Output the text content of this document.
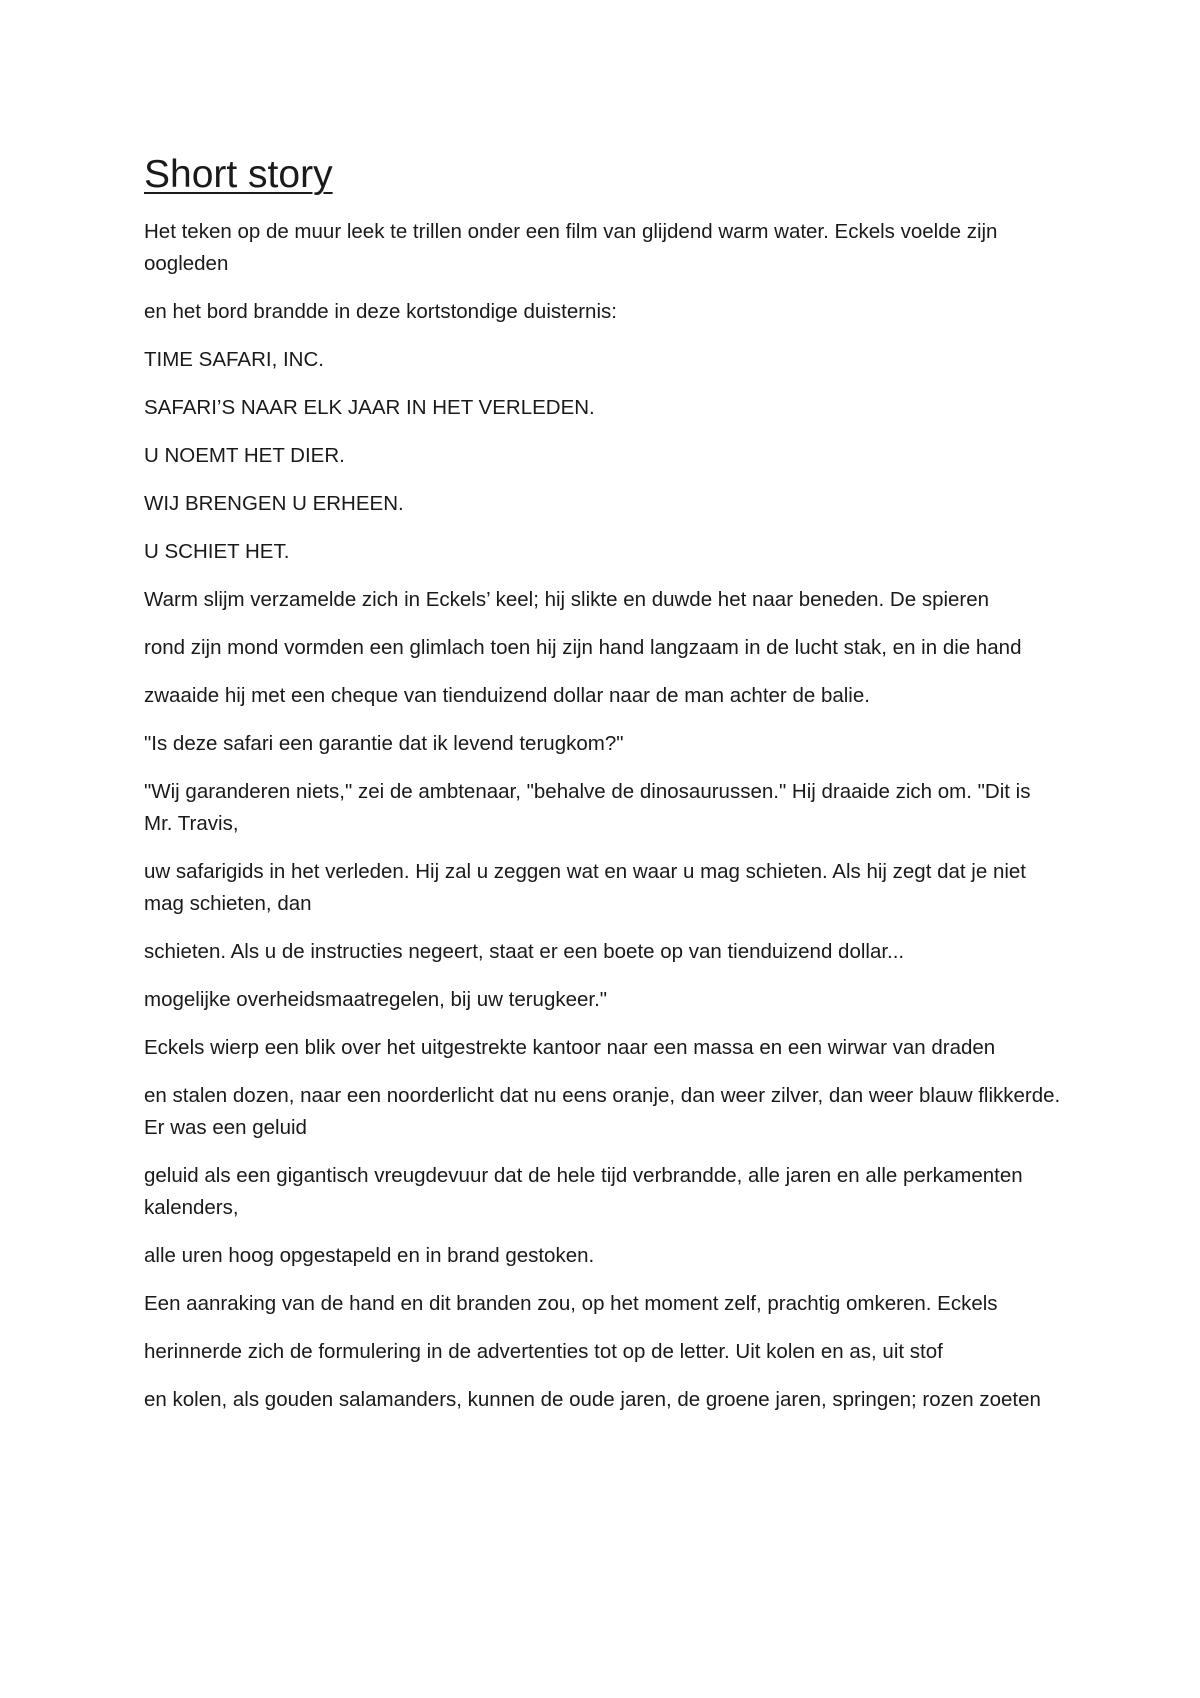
Short story

Het teken op de muur leek te trillen onder een film van glijdend warm water. Eckels voelde zijn oogleden

en het bord brandde in deze kortstondige duisternis:

TIME SAFARI, INC.

SAFARI’S NAAR ELK JAAR IN HET VERLEDEN.

U NOEMT HET DIER.

WIJ BRENGEN U ERHEEN.

U SCHIET HET.

Warm slijm verzamelde zich in Eckels’ keel; hij slikte en duwde het naar beneden. De spieren

rond zijn mond vormden een glimlach toen hij zijn hand langzaam in de lucht stak, en in die hand

zwaaide hij met een cheque van tienduizend dollar naar de man achter de balie.

"Is deze safari een garantie dat ik levend terugkom?"

"Wij garanderen niets," zei de ambtenaar, "behalve de dinosaurussen." Hij draaide zich om. "Dit is Mr. Travis,

uw safarigids in het verleden. Hij zal u zeggen wat en waar u mag schieten. Als hij zegt dat je niet mag schieten, dan

schieten. Als u de instructies negeert, staat er een boete op van tienduizend dollar...

mogelijke overheidsmaatregelen, bij uw terugkeer."

Eckels wierp een blik over het uitgestrekte kantoor naar een massa en een wirwar van draden

en stalen dozen, naar een noorderlicht dat nu eens oranje, dan weer zilver, dan weer blauw flikkerde. Er was een geluid

geluid als een gigantisch vreugdevuur dat de hele tijd verbrandde, alle jaren en alle perkamenten kalenders,

alle uren hoog opgestapeld en in brand gestoken.

Een aanraking van de hand en dit branden zou, op het moment zelf, prachtig omkeren. Eckels

herinnerde zich de formulering in de advertenties tot op de letter. Uit kolen en as, uit stof

en kolen, als gouden salamanders, kunnen de oude jaren, de groene jaren, springen; rozen zoeten
